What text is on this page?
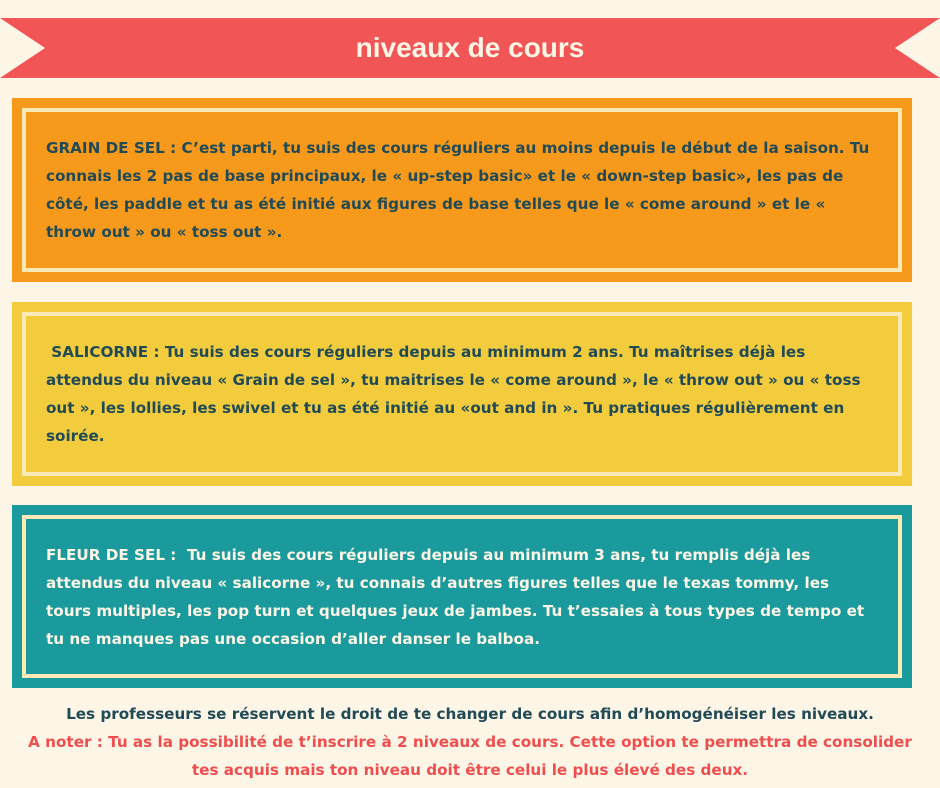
niveaux de cours

GRAIN DE SEL : C’est parti, tu suis des cours réguliers au moins depuis le début de la saison. Tu connais les 2 pas de base principaux, le « up-step basic» et le « down-step basic», les pas de côté, les paddle et tu as été initié aux figures de base telles que le « come around » et le « throw out » ou « toss out ».

SALICORNE : Tu suis des cours réguliers depuis au minimum 2 ans. Tu maîtrises déjà les attendus du niveau « Grain de sel », tu maitrises le « come around », le « throw out » ou « toss out », les lollies, les swivel et tu as été initié au «out and in ». Tu pratiques régulièrement en soirée.

FLEUR DE SEL :  Tu suis des cours réguliers depuis au minimum 3 ans, tu remplis déjà les attendus du niveau « salicorne », tu connais d’autres figures telles que le texas tommy, les tours multiples, les pop turn et quelques jeux de jambes. Tu t’essaies à tous types de tempo et tu ne manques pas une occasion d’aller danser le balboa.

Les professeurs se réservent le droit de te changer de cours afin d’homogénéiser les niveaux.
A noter : Tu as la possibilité de t’inscrire à 2 niveaux de cours. Cette option te permettra de consolider tes acquis mais ton niveau doit être celui le plus élevé des deux.
